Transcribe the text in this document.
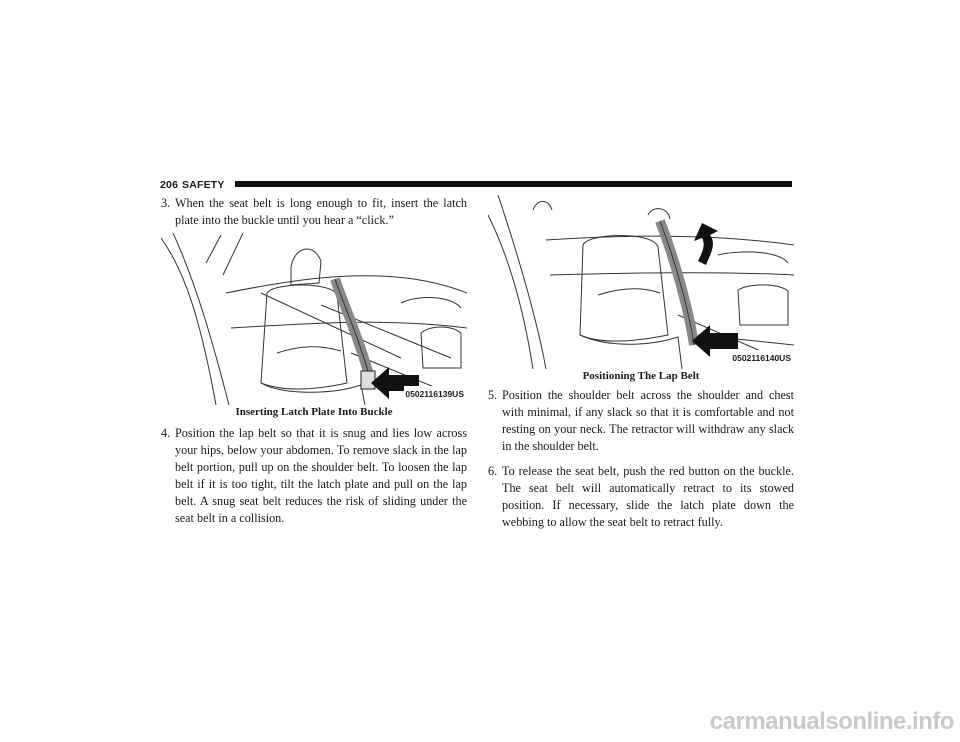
206 SAFETY

3. When the seat belt is long enough to fit, insert the latch plate into the buckle until you hear a “click.”

0502116139US
Inserting Latch Plate Into Buckle

4. Position the lap belt so that it is snug and lies low across your hips, below your abdomen. To remove slack in the lap belt portion, pull up on the shoulder belt. To loosen the lap belt if it is too tight, tilt the latch plate and pull on the lap belt. A snug seat belt reduces the risk of sliding under the seat belt in a collision.

0502116140US
Positioning The Lap Belt

5. Position the shoulder belt across the shoulder and chest with minimal, if any slack so that it is comfortable and not resting on your neck. The retractor will withdraw any slack in the shoulder belt.

6. To release the seat belt, push the red button on the buckle. The seat belt will automatically retract to its stowed position. If necessary, slide the latch plate down the webbing to allow the seat belt to retract fully.

carmanualsonline.info
